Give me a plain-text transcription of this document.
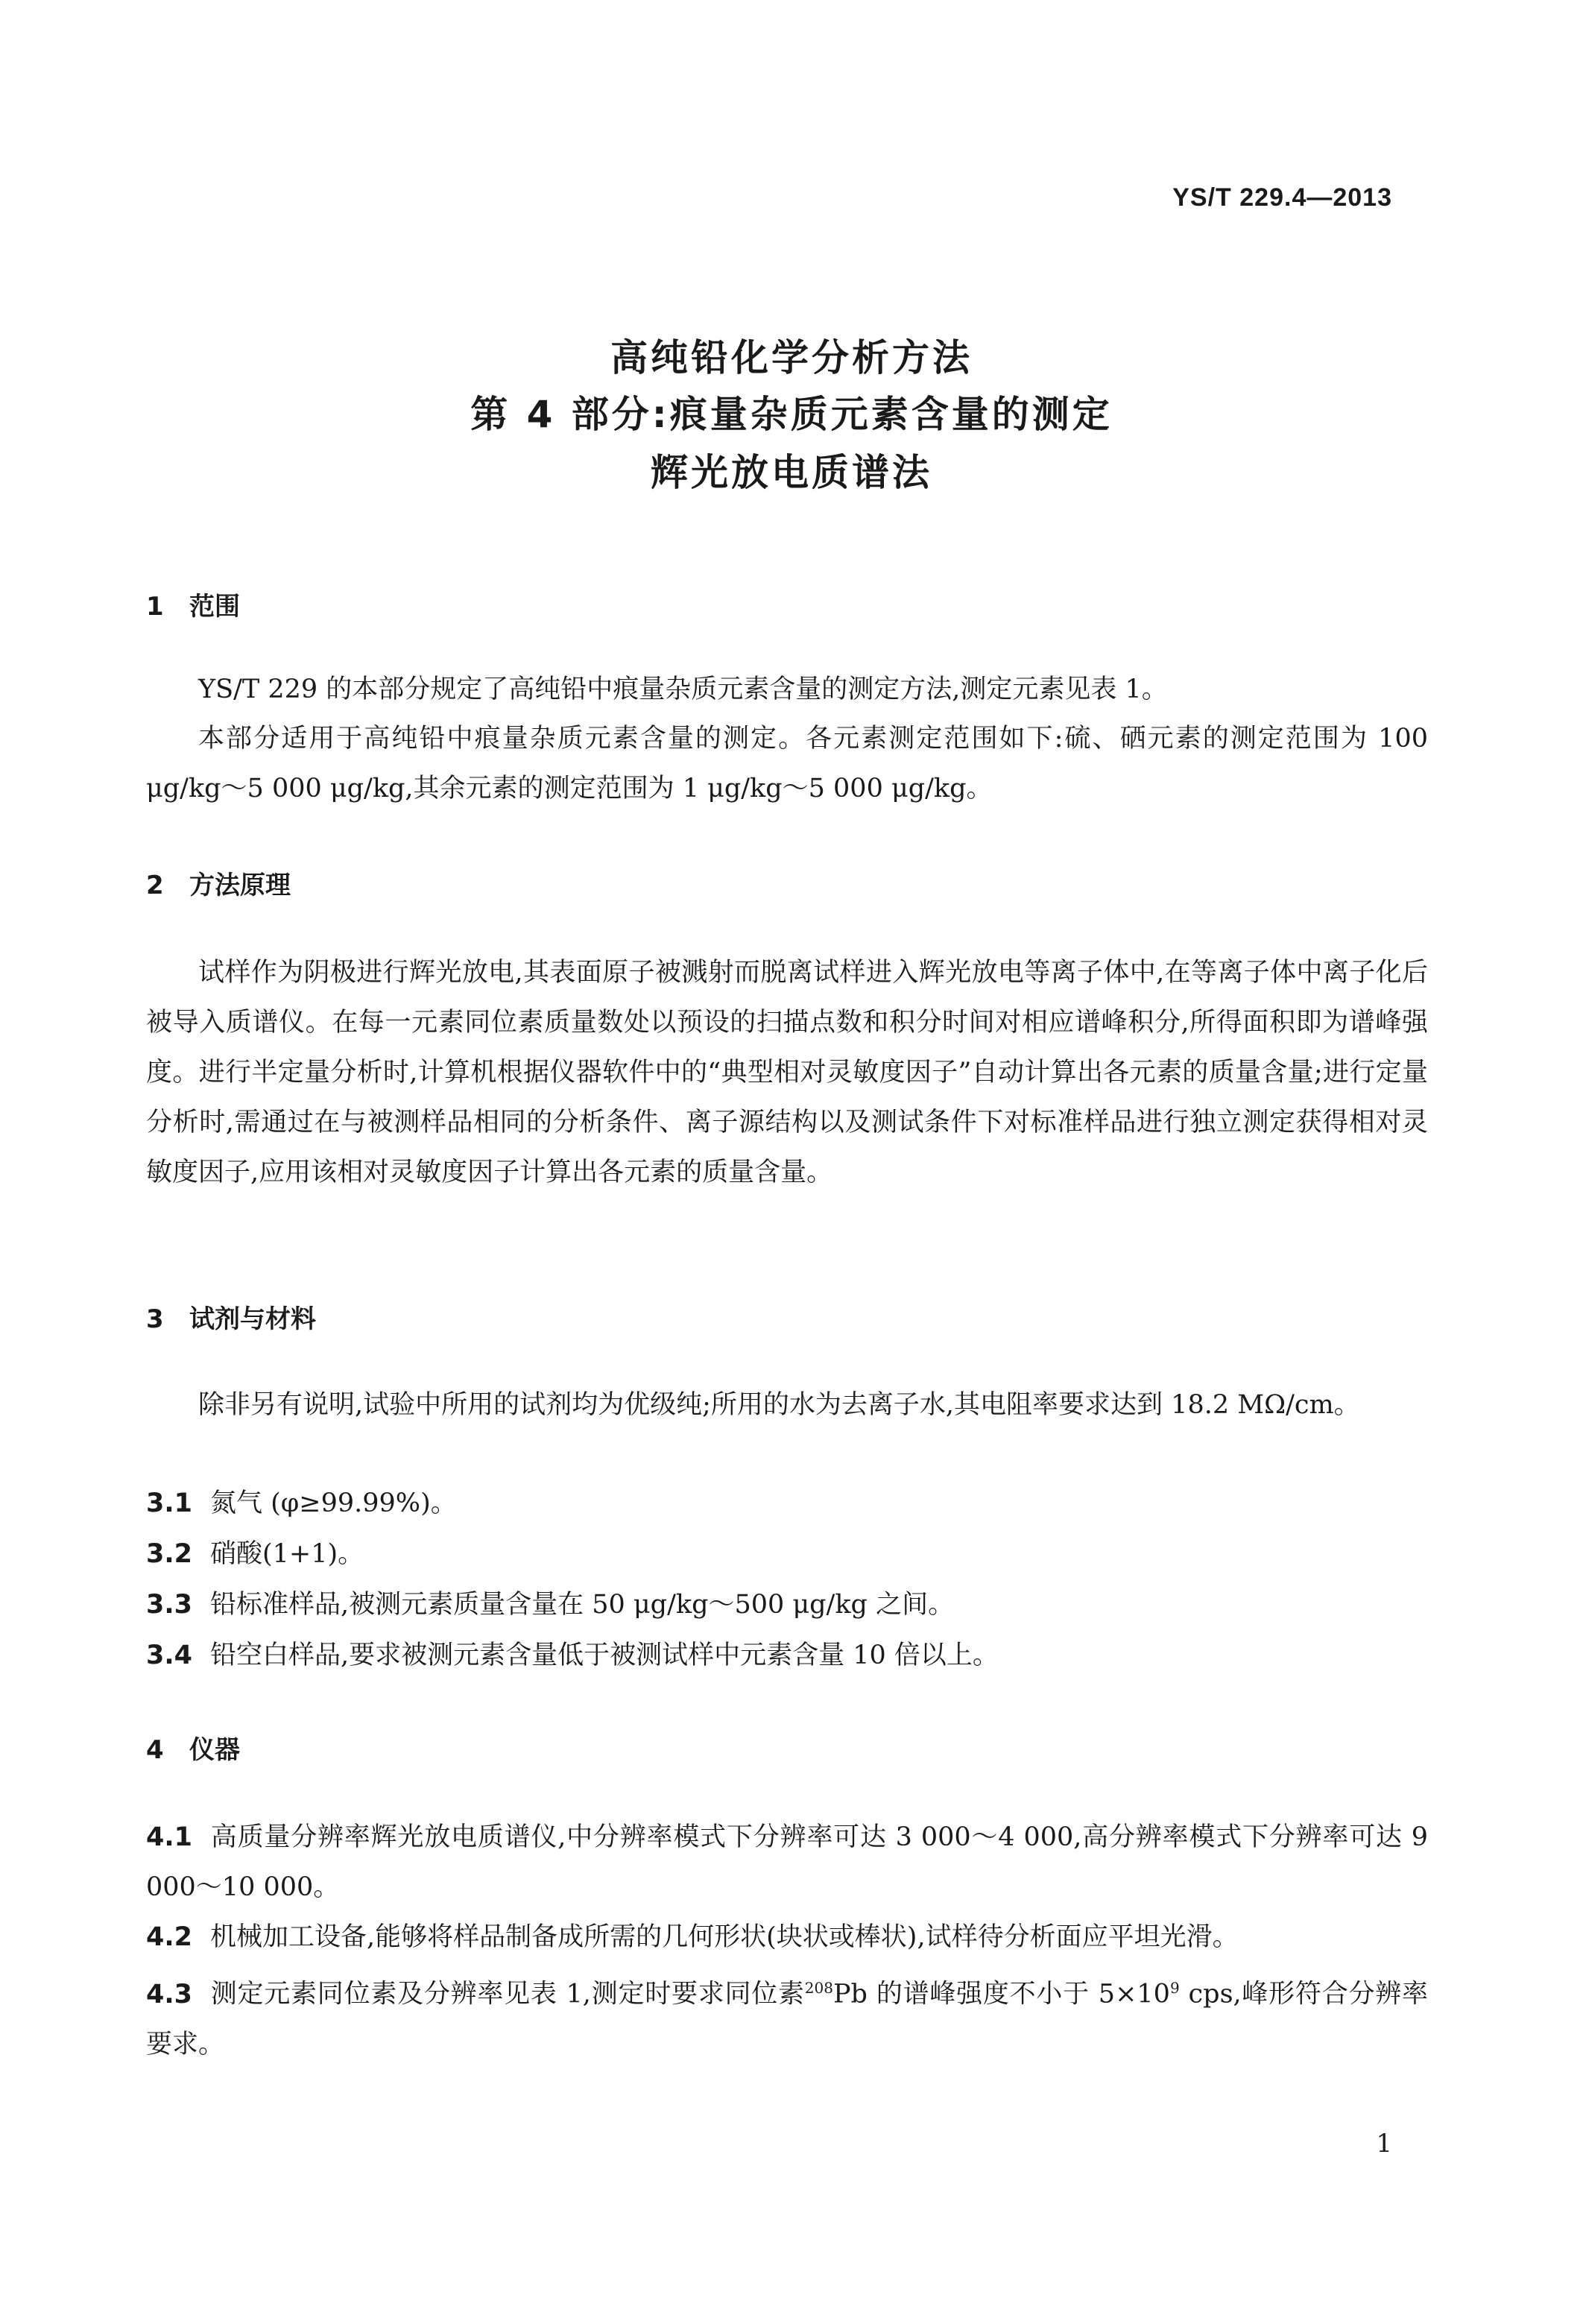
YS/T 229.4—2013
高纯铅化学分析方法
第 4 部分:痕量杂质元素含量的测定
辉光放电质谱法
1 范围
YS/T 229 的本部分规定了高纯铅中痕量杂质元素含量的测定方法,测定元素见表 1。
本部分适用于高纯铅中痕量杂质元素含量的测定。各元素测定范围如下:硫、硒元素的测定范围为 100 μg/kg～5 000 μg/kg,其余元素的测定范围为 1 μg/kg～5 000 μg/kg。
2 方法原理
试样作为阴极进行辉光放电,其表面原子被溅射而脱离试样进入辉光放电等离子体中,在等离子体中离子化后被导入质谱仪。在每一元素同位素质量数处以预设的扫描点数和积分时间对相应谱峰积分,所得面积即为谱峰强度。进行半定量分析时,计算机根据仪器软件中的“典型相对灵敏度因子”自动计算出各元素的质量含量;进行定量分析时,需通过在与被测样品相同的分析条件、离子源结构以及测试条件下对标准样品进行独立测定获得相对灵敏度因子,应用该相对灵敏度因子计算出各元素的质量含量。
3 试剂与材料
除非另有说明,试验中所用的试剂均为优级纯;所用的水为去离子水,其电阻率要求达到 18.2 MΩ/cm。
3.1 氮气 (φ≥99.99%)。
3.2 硝酸(1+1)。
3.3 铅标准样品,被测元素质量含量在 50 μg/kg～500 μg/kg 之间。
3.4 铅空白样品,要求被测元素含量低于被测试样中元素含量 10 倍以上。
4 仪器
4.1 高质量分辨率辉光放电质谱仪,中分辨率模式下分辨率可达 3 000～4 000,高分辨率模式下分辨率可达 9 000～10 000。
4.2 机械加工设备,能够将样品制备成所需的几何形状(块状或棒状),试样待分析面应平坦光滑。
4.3 测定元素同位素及分辨率见表 1,测定时要求同位素$^{208}$Pb 的谱峰强度不小于 $5\times 10^9$ cps,峰形符合分辨率要求。
1
